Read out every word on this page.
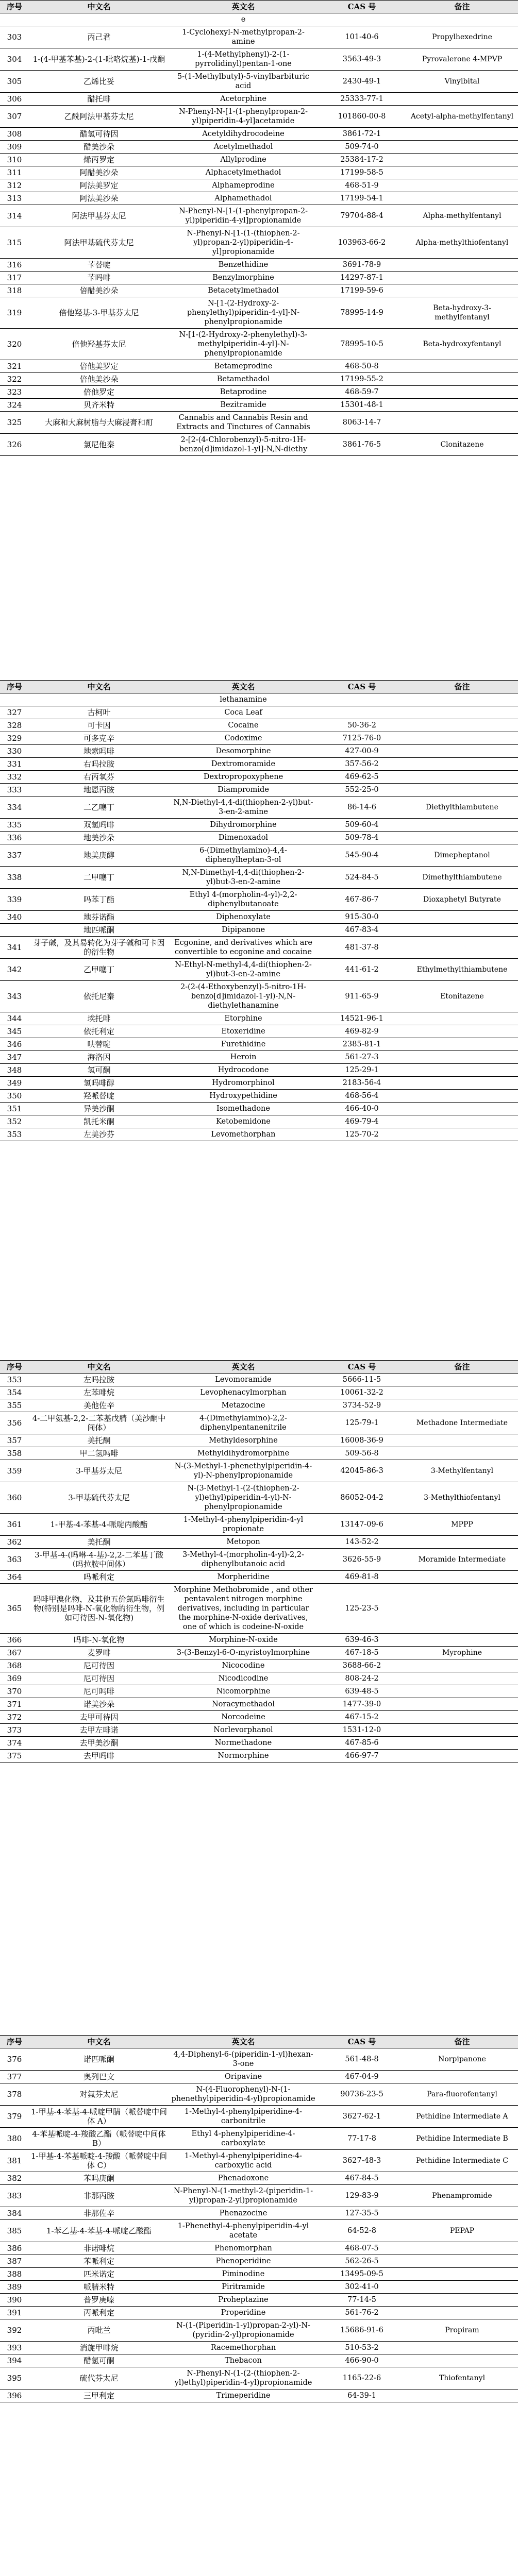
序号	中文名	英文名	CAS 号	备注
		e		
303	丙己君	1-Cyclohexyl-N-methylpropan-2-amine	101-40-6	Propylhexedrine
304	1-(4-甲基苯基)-2-(1-吡咯烷基)-1-戊酮	1-(4-Methylphenyl)-2-(1-pyrrolidinyl)pentan-1-one	3563-49-3	Pyrovalerone 4-MPVP
305	乙烯比妥	5-(1-Methylbutyl)-5-vinylbarbituric acid	2430-49-1	Vinylbital
306	醋托啡	Acetorphine	25333-77-1	
307	乙酰阿法甲基芬太尼	N-Phenyl-N-[1-(1-phenylpropan-2-yl)piperidin-4-yl]acetamide	101860-00-8	Acetyl-alpha-methylfentanyl
308	醋氢可待因	Acetyldihydrocodeine	3861-72-1	
309	醋美沙朵	Acetylmethadol	509-74-0	
310	烯丙罗定	Allylprodine	25384-17-2	
311	阿醋美沙朵	Alphacetylmethadol	17199-58-5	
312	阿法美罗定	Alphameprodine	468-51-9	
313	阿法美沙朵	Alphamethadol	17199-54-1	
314	阿法甲基芬太尼	N-Phenyl-N-[1-(1-phenylpropan-2-yl)piperidin-4-yl]propionamide	79704-88-4	Alpha-methylfentanyl
315	阿法甲基硫代芬太尼	N-Phenyl-N-[1-(1-(thiophen-2-yl)propan-2-yl)piperidin-4-yl]propionamide	103963-66-2	Alpha-methylthiofentanyl
316	苄替啶	Benzethidine	3691-78-9	
317	苄吗啡	Benzylmorphine	14297-87-1	
318	倍醋美沙朵	Betacetylmethadol	17199-59-6	
319	倍他羟基-3-甲基芬太尼	N-[1-(2-Hydroxy-2-phenylethyl)piperidin-4-yl]-N-phenylpropionamide	78995-14-9	Beta-hydroxy-3-methylfentanyl
320	倍他羟基芬太尼	N-[1-(2-Hydroxy-2-phenylethyl)-3-methylpiperidin-4-yl]-N-phenylpropionamide	78995-10-5	Beta-hydroxyfentanyl
321	倍他美罗定	Betameprodine	468-50-8	
322	倍他美沙朵	Betamethadol	17199-55-2	
323	倍他罗定	Betaprodine	468-59-7	
324	贝齐米特	Bezitramide	15301-48-1	
325	大麻和大麻树脂与大麻浸膏和酊	Cannabis and Cannabis Resin and Extracts and Tinctures of Cannabis	8063-14-7	
326	氯尼他秦	2-[2-(4-Chlorobenzyl)-5-nitro-1H-benzo[d]imidazol-1-yl]-N,N-diethy	3861-76-5	Clonitazene
序号	中文名	英文名	CAS 号	备注
		lethanamine		
327	古柯叶	Coca Leaf		
328	可卡因	Cocaine	50-36-2	
329	可多克辛	Codoxime	7125-76-0	
330	地索吗啡	Desomorphine	427-00-9	
331	右吗拉胺	Dextromoramide	357-56-2	
332	右丙氧芬	Dextropropoxyphene	469-62-5	
333	地恩丙胺	Diampromide	552-25-0	
334	二乙噻丁	N,N-Diethyl-4,4-di(thiophen-2-yl)but-3-en-2-amine	86-14-6	Diethylthiambutene
335	双氢吗啡	Dihydromorphine	509-60-4	
336	地美沙朵	Dimenoxadol	509-78-4	
337	地美庚醇	6-(Dimethylamino)-4,4-diphenylheptan-3-ol	545-90-4	Dimepheptanol
338	二甲噻丁	N,N-Dimethyl-4,4-di(thiophen-2-yl)but-3-en-2-amine	524-84-5	Dimethylthiambutene
339	吗苯丁酯	Ethyl 4-(morpholin-4-yl)-2,2-diphenylbutanoate	467-86-7	Dioxaphetyl Butyrate
340	地芬诺酯	Diphenoxylate	915-30-0	
	地匹哌酮	Dipipanone	467-83-4	
341	芽子碱，及其易转化为芽子碱和可卡因的衍生物	Ecgonine, and derivatives which are convertible to ecgonine and cocaine	481-37-8	
342	乙甲噻丁	N-Ethyl-N-methyl-4,4-di(thiophen-2-yl)but-3-en-2-amine	441-61-2	Ethylmethylthiambutene
343	依托尼秦	2-(2-(4-Ethoxybenzyl)-5-nitro-1H-benzo[d]imidazol-1-yl)-N,N-diethylethanamine	911-65-9	Etonitazene
344	埃托啡	Etorphine	14521-96-1	
345	依托利定	Etoxeridine	469-82-9	
346	呋替啶	Furethidine	2385-81-1	
347	海洛因	Heroin	561-27-3	
348	氢可酮	Hydrocodone	125-29-1	
349	氢吗啡醇	Hydromorphinol	2183-56-4	
350	羟哌替啶	Hydroxypethidine	468-56-4	
351	异美沙酮	Isomethadone	466-40-0	
352	凯托米酮	Ketobemidone	469-79-4	
353	左美沙芬	Levomethorphan	125-70-2	
序号	中文名	英文名	CAS 号	备注
353	左吗拉胺	Levomoramide	5666-11-5	
354	左苯啡烷	Levophenacylmorphan	10061-32-2	
355	美他佐辛	Metazocine	3734-52-9	
356	4-二甲氨基-2,2-二苯基戊腈（美沙酮中间体）	4-(Dimethylamino)-2,2-diphenylpentanenitrile	125-79-1	Methadone Intermediate
357	美托酮	Methyldesorphine	16008-36-9	
358	甲二氢吗啡	Methyldihydromorphine	509-56-8	
359	3-甲基芬太尼	N-(3-Methyl-1-phenethylpiperidin-4-yl)-N-phenylpropionamide	42045-86-3	3-Methylfentanyl
360	3-甲基硫代芬太尼	N-(3-Methyl-1-(2-(thiophen-2-yl)ethyl)piperidin-4-yl)-N-phenylpropionamide	86052-04-2	3-Methylthiofentanyl
361	1-甲基-4-苯基-4-哌啶丙酸酯	1-Methyl-4-phenylpiperidin-4-yl propionate	13147-09-6	MPPP
362	美托酮	Metopon	143-52-2	
363	3-甲基-4-(吗啉-4-基)-2,2-二苯基丁酸（吗拉胺中间体）	3-Methyl-4-(morpholin-4-yl)-2,2-diphenylbutanoic acid	3626-55-9	Moramide Intermediate
364	吗哌利定	Morpheridine	469-81-8	
365	吗啡甲溴化物，及其他五价氮吗啡衍生物(特别是吗啡-N-氧化物的衍生物，例如可待因-N-氧化物)	Morphine Methobromide , and other pentavalent nitrogen morphine derivatives, including in particular the morphine-N-oxide derivatives, one of which is codeine-N-oxide	125-23-5	
366	吗啡-N-氧化物	Morphine-N-oxide	639-46-3	
367	麦罗啡	3-(3-Benzyl-6-O-myristoylmorphine	467-18-5	Myrophine
368	尼可待因	Nicocodine	3688-66-2	
369	尼可待因	Nicodicodine	808-24-2	
370	尼可吗啡	Nicomorphine	639-48-5	
371	诺美沙朵	Noracymethadol	1477-39-0	
372	去甲可待因	Norcodeine	467-15-2	
373	去甲左啡诺	Norlevorphanol	1531-12-0	
374	去甲美沙酮	Normethadone	467-85-6	
375	去甲吗啡	Normorphine	466-97-7	
序号	中文名	英文名	CAS 号	备注
376	诺匹哌酮	4,4-Diphenyl-6-(piperidin-1-yl)hexan-3-one	561-48-8	Norpipanone
377	奥列巴文	Oripavine	467-04-9	
378	对氟芬太尼	N-(4-Fluorophenyl)-N-(1-phenethylpiperidin-4-yl)propionamide	90736-23-5	Para-fluorofentanyl
379	1-甲基-4-苯基-4-哌啶甲腈（哌替啶中间体 A）	1-Methyl-4-phenylpiperidine-4-carbonitrile	3627-62-1	Pethidine Intermediate A
380	4-苯基哌啶-4-羧酸乙酯（哌替啶中间体 B）	Ethyl 4-phenylpiperidine-4-carboxylate	77-17-8	Pethidine Intermediate B
381	1-甲基-4-苯基哌啶-4-羧酸（哌替啶中间体 C）	1-Methyl-4-phenylpiperidine-4-carboxylic acid	3627-48-3	Pethidine Intermediate C
382	苯吗庚酮	Phenadoxone	467-84-5	
383	非那丙胺	N-Phenyl-N-(1-methyl-2-(piperidin-1-yl)propan-2-yl)propionamide	129-83-9	Phenampromide
384	非那佐辛	Phenazocine	127-35-5	
385	1-苯乙基-4-苯基-4-哌啶乙酸酯	1-Phenethyl-4-phenylpiperidin-4-yl acetate	64-52-8	PEPAP
386	非诺啡烷	Phenomorphan	468-07-5	
387	苯哌利定	Phenoperidine	562-26-5	
388	匹米诺定	Piminodine	13495-09-5	
389	哌腈米特	Piritramide	302-41-0	
390	普罗庚嗪	Proheptazine	77-14-5	
391	丙哌利定	Properidine	561-76-2	
392	丙吡兰	N-(1-(Piperidin-1-yl)propan-2-yl)-N-(pyridin-2-yl)propionamide	15686-91-6	Propiram
393	消旋甲啡烷	Racemethorphan	510-53-2	
394	醋氢可酮	Thebacon	466-90-0	
395	硫代芬太尼	N-Phenyl-N-(1-(2-(thiophen-2-yl)ethyl)piperidin-4-yl)propionamide	1165-22-6	Thiofentanyl
396	三甲利定	Trimeperidine	64-39-1	
